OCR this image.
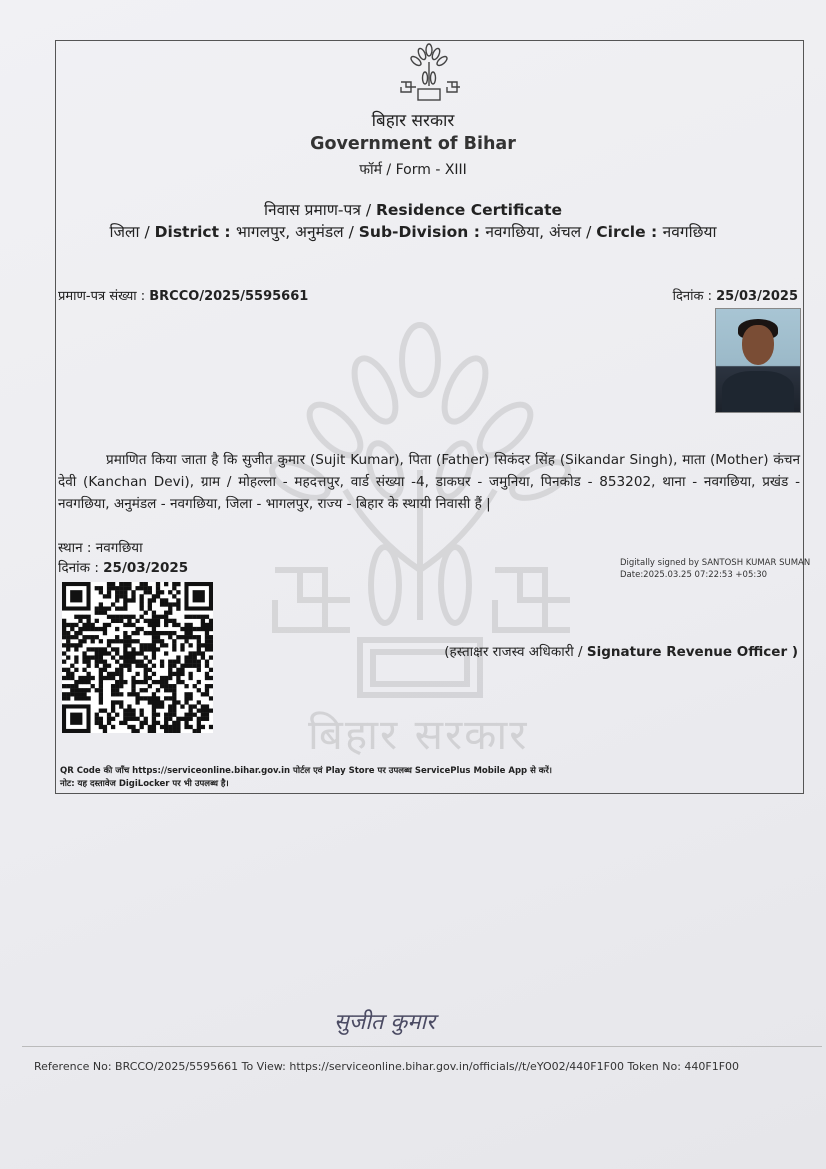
बिहार सरकार
बिहार सरकार
Government of Bihar
फॉर्म / Form - XIII
निवास प्रमाण-पत्र / Residence Certificate
जिला / District : भागलपुर, अनुमंडल / Sub-Division : नवगछिया, अंचल / Circle : नवगछिया
प्रमाण-पत्र संख्या : BRCCO/2025/5595661	दिनांक : 25/03/2025

प्रमाणित किया जाता है कि सुजीत कुमार (Sujit Kumar), पिता (Father) सिकंदर सिंह (Sikandar Singh), माता (Mother) कंचन देवी (Kanchan Devi), ग्राम / मोहल्ला - महदत्तपुर, वार्ड संख्या -4, डाकघर - जमुनिया, पिनकोड - 853202, थाना - नवगछिया, प्रखंड - नवगछिया, अनुमंडल - नवगछिया, जिला - भागलपुर, राज्य - बिहार के स्थायी निवासी हैं |

स्थान : नवगछिया
दिनांक : 25/03/2025	Digitally signed by SANTOSH KUMAR SUMAN
Date:2025.03.25 07:22:53 +05:30
(हस्ताक्षर राजस्व अधिकारी / Signature Revenue Officer )
QR Code की जाँच https://serviceonline.bihar.gov.in पोर्टल एवं Play Store पर उपलब्ध ServicePlus Mobile App से करें।
नोट: यह दस्तावेज DigiLocker पर भी उपलब्ध है।
सुजीत कुमार
Reference No: BRCCO/2025/5595661 To View: https://serviceonline.bihar.gov.in/officials//t/eYO02/440F1F00 Token No: 440F1F00
